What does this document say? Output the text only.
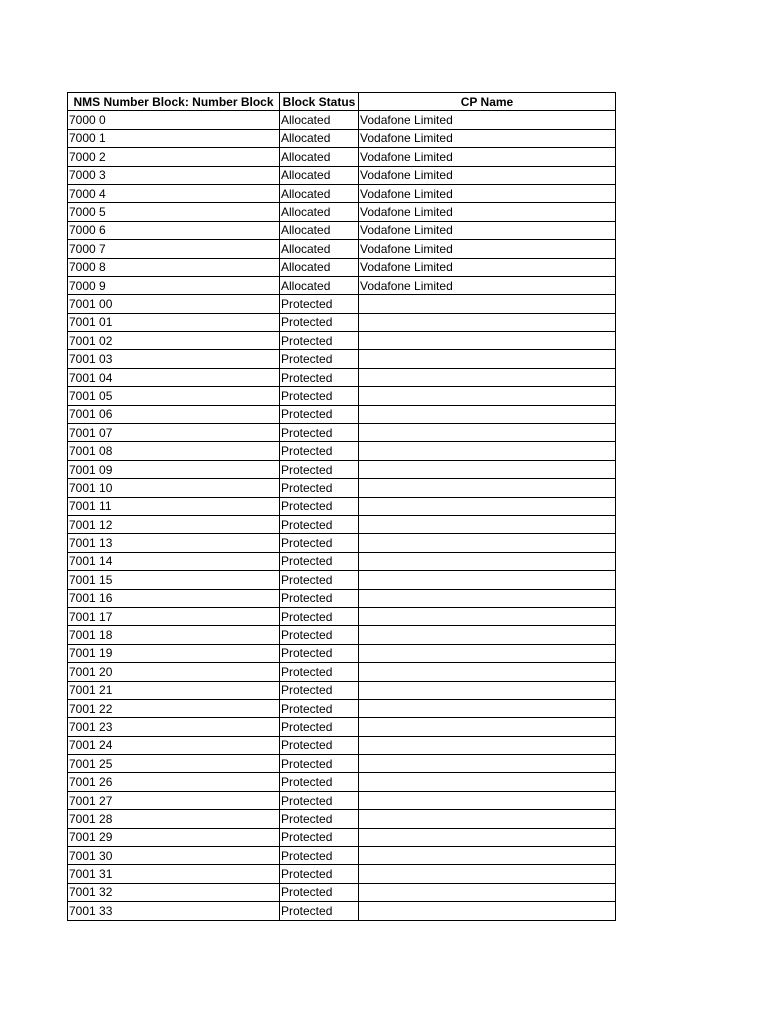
NMS Number Block: Number Block	Block Status	CP Name
7000 0	Allocated	Vodafone Limited
7000 1	Allocated	Vodafone Limited
7000 2	Allocated	Vodafone Limited
7000 3	Allocated	Vodafone Limited
7000 4	Allocated	Vodafone Limited
7000 5	Allocated	Vodafone Limited
7000 6	Allocated	Vodafone Limited
7000 7	Allocated	Vodafone Limited
7000 8	Allocated	Vodafone Limited
7000 9	Allocated	Vodafone Limited
7001 00	Protected	
7001 01	Protected	
7001 02	Protected	
7001 03	Protected	
7001 04	Protected	
7001 05	Protected	
7001 06	Protected	
7001 07	Protected	
7001 08	Protected	
7001 09	Protected	
7001 10	Protected	
7001 11	Protected	
7001 12	Protected	
7001 13	Protected	
7001 14	Protected	
7001 15	Protected	
7001 16	Protected	
7001 17	Protected	
7001 18	Protected	
7001 19	Protected	
7001 20	Protected	
7001 21	Protected	
7001 22	Protected	
7001 23	Protected	
7001 24	Protected	
7001 25	Protected	
7001 26	Protected	
7001 27	Protected	
7001 28	Protected	
7001 29	Protected	
7001 30	Protected	
7001 31	Protected	
7001 32	Protected	
7001 33	Protected	
